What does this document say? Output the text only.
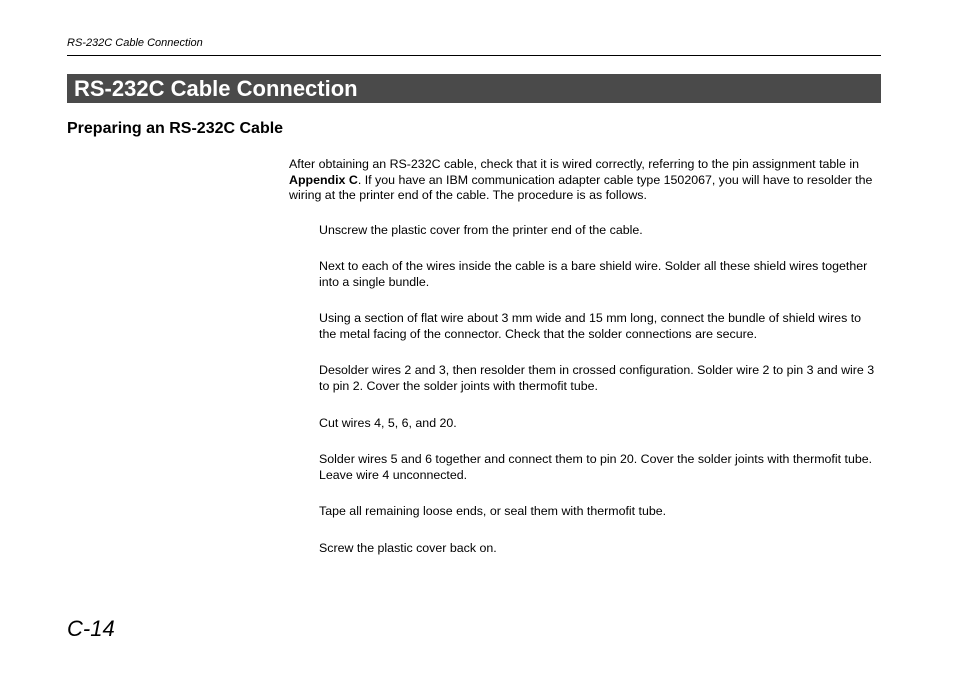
RS-232C Cable Connection
RS-232C Cable Connection
Preparing an RS-232C Cable

After obtaining an RS-232C cable, check that it is wired correctly, referring to the pin assignment table in Appendix C. If you have an IBM communication adapter cable type 1502067, you will have to resolder the wiring at the printer end of the cable. The procedure is as follows.

Unscrew the plastic cover from the printer end of the cable.

Next to each of the wires inside the cable is a bare shield wire. Solder all these shield wires together into a single bundle.

Using a section of flat wire about 3 mm wide and 15 mm long, connect the bundle of shield wires to the metal facing of the connector. Check that the solder connections are secure.

Desolder wires 2 and 3, then resolder them in crossed configuration. Solder wire 2 to pin 3 and wire 3 to pin 2. Cover the solder joints with thermofit tube.

Cut wires 4, 5, 6, and 20.

Solder wires 5 and 6 together and connect them to pin 20. Cover the solder joints with thermofit tube. Leave wire 4 unconnected.

Tape all remaining loose ends, or seal them with thermofit tube.

Screw the plastic cover back on.

C-14
